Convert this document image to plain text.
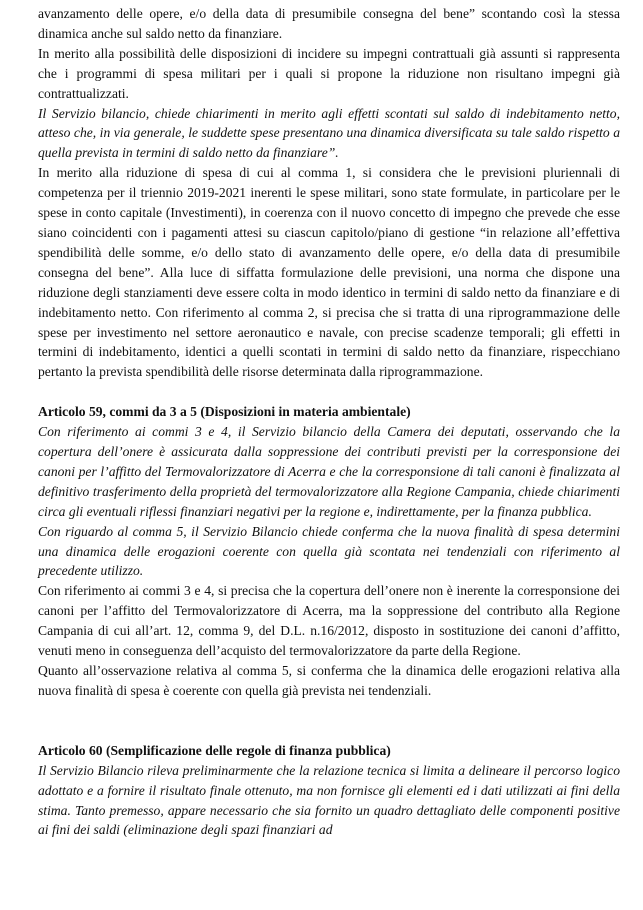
avanzamento delle opere, e/o della data di presumibile consegna del bene” scontando così la stessa dinamica anche sul saldo netto da finanziare.

In merito alla possibilità delle disposizioni di incidere su impegni contrattuali già assunti si rappresenta che i programmi di spesa militari per i quali si propone la riduzione non risultano impegni già contrattualizzati.

Il Servizio bilancio, chiede chiarimenti in merito agli effetti scontati sul saldo di indebitamento netto, atteso che, in via generale, le suddette spese presentano una dinamica diversificata su tale saldo rispetto a quella prevista in termini di saldo netto da finanziare”.

In merito alla riduzione di spesa di cui al comma 1, si considera che le previsioni pluriennali di competenza per il triennio 2019-2021 inerenti le spese militari, sono state formulate, in particolare per le spese in conto capitale (Investimenti), in coerenza con il nuovo concetto di impegno che prevede che esse siano coincidenti con i pagamenti attesi su ciascun capitolo/piano di gestione “in relazione all’effettiva spendibilità delle somme, e/o dello stato di avanzamento delle opere, e/o della data di presumibile consegna del bene”. Alla luce di siffatta formulazione delle previsioni, una norma che dispone una riduzione degli stanziamenti deve essere colta in modo identico in termini di saldo netto da finanziare e di indebitamento netto. Con riferimento al comma 2, si precisa che si tratta di una riprogrammazione delle spese per investimento nel settore aeronautico e navale, con precise scadenze temporali; gli effetti in termini di indebitamento, identici a quelli scontati in termini di saldo netto da finanziare, rispecchiano pertanto la prevista spendibilità delle risorse determinata dalla riprogrammazione.

Articolo 59, commi da 3 a 5 (Disposizioni in materia ambientale)

Con riferimento ai commi 3 e 4, il Servizio bilancio della Camera dei deputati, osservando che la copertura dell’onere è assicurata dalla soppressione dei contributi previsti per la corresponsione dei canoni per l’affitto del Termovalorizzatore di Acerra e che la corresponsione di tali canoni è finalizzata al definitivo trasferimento della proprietà del termovalorizzatore alla Regione Campania, chiede chiarimenti circa gli eventuali riflessi finanziari negativi per la regione e, indirettamente, per la finanza pubblica.

Con riguardo al comma 5, il Servizio Bilancio chiede conferma che la nuova finalità di spesa determini una dinamica delle erogazioni coerente con quella già scontata nei tendenziali con riferimento al precedente utilizzo.

Con riferimento ai commi 3 e 4, si precisa che la copertura dell’onere non è inerente la corresponsione dei canoni per l’affitto del Termovalorizzatore di Acerra, ma la soppressione del contributo alla Regione Campania di cui all’art. 12, comma 9, del D.L. n.16/2012, disposto in sostituzione dei canoni d’affitto, venuti meno in conseguenza dell’acquisto del termovalorizzatore da parte della Regione.

Quanto all’osservazione relativa al comma 5, si conferma che la dinamica delle erogazioni relativa alla nuova finalità di spesa è coerente con quella già prevista nei tendenziali.

Articolo 60 (Semplificazione delle regole di finanza pubblica)

Il Servizio Bilancio rileva preliminarmente che la relazione tecnica si limita a delineare il percorso logico adottato e a fornire il risultato finale ottenuto, ma non fornisce gli elementi ed i dati utilizzati ai fini della stima. Tanto premesso, appare necessario che sia fornito un quadro dettagliato delle componenti positive ai fini dei saldi (eliminazione degli spazi finanziari ad
